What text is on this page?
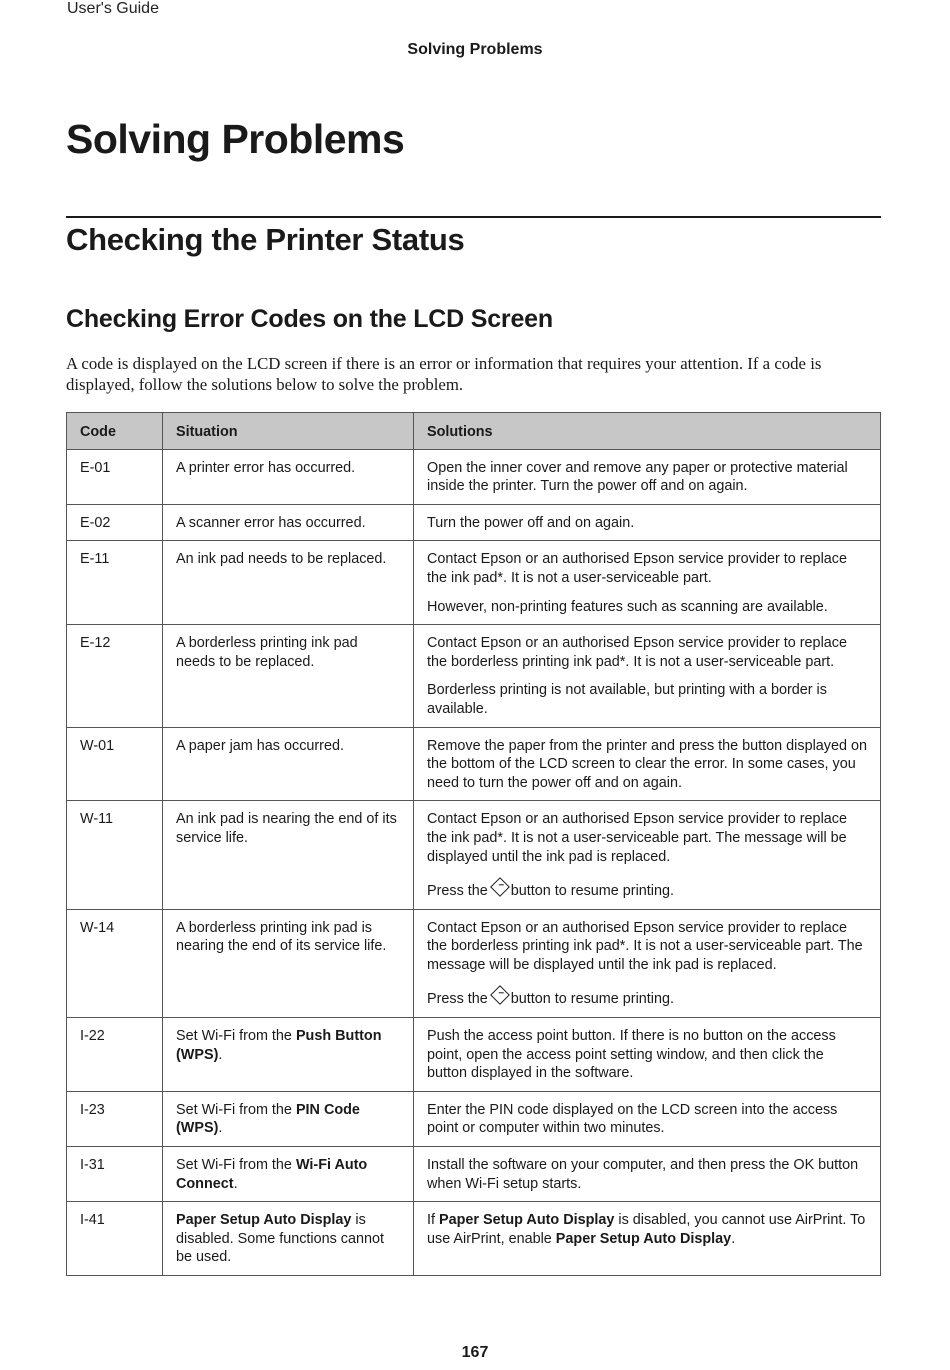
User's Guide
Solving Problems
Solving Problems
Checking the Printer Status
Checking Error Codes on the LCD Screen

A code is displayed on the LCD screen if there is an error or information that requires your attention. If a code is displayed, follow the solutions below to solve the problem.

Code	Situation	Solutions
E-01	A printer error has occurred.	Open the inner cover and remove any paper or protective material inside the printer. Turn the power off and on again.

E-02	A scanner error has occurred.	Turn the power off and on again.

E-11	An ink pad needs to be replaced.	Contact Epson or an authorised Epson service provider to replace the ink pad*. It is not a user-serviceable part.

However, non-printing features such as scanning are available.

E-12	A borderless printing ink pad needs to be replaced.	Contact Epson or an authorised Epson service provider to replace the borderless printing ink pad*. It is not a user-serviceable part.

Borderless printing is not available, but printing with a border is available.

W-01	A paper jam has occurred.	Remove the paper from the printer and press the button displayed on the bottom of the LCD screen to clear the error. In some cases, you need to turn the power off and on again.

W-11	An ink pad is nearing the end of its service life.	Contact Epson or an authorised Epson service provider to replace the ink pad*. It is not a user-serviceable part. The message will be displayed until the ink pad is replaced.

Press the button to resume printing.

W-14	A borderless printing ink pad is nearing the end of its service life.	Contact Epson or an authorised Epson service provider to replace the borderless printing ink pad*. It is not a user-serviceable part. The message will be displayed until the ink pad is replaced.

Press the button to resume printing.

I-22	Set Wi-Fi from the Push Button (WPS).	Push the access point button. If there is no button on the access point, open the access point setting window, and then click the button displayed in the software.

I-23	Set Wi-Fi from the PIN Code (WPS).	Enter the PIN code displayed on the LCD screen into the access point or computer within two minutes.

I-31	Set Wi-Fi from the Wi-Fi Auto Connect.	Install the software on your computer, and then press the OK button when Wi-Fi setup starts.

I-41	Paper Setup Auto Display is disabled. Some functions cannot be used.	If Paper Setup Auto Display is disabled, you cannot use AirPrint. To use AirPrint, enable Paper Setup Auto Display.

167
